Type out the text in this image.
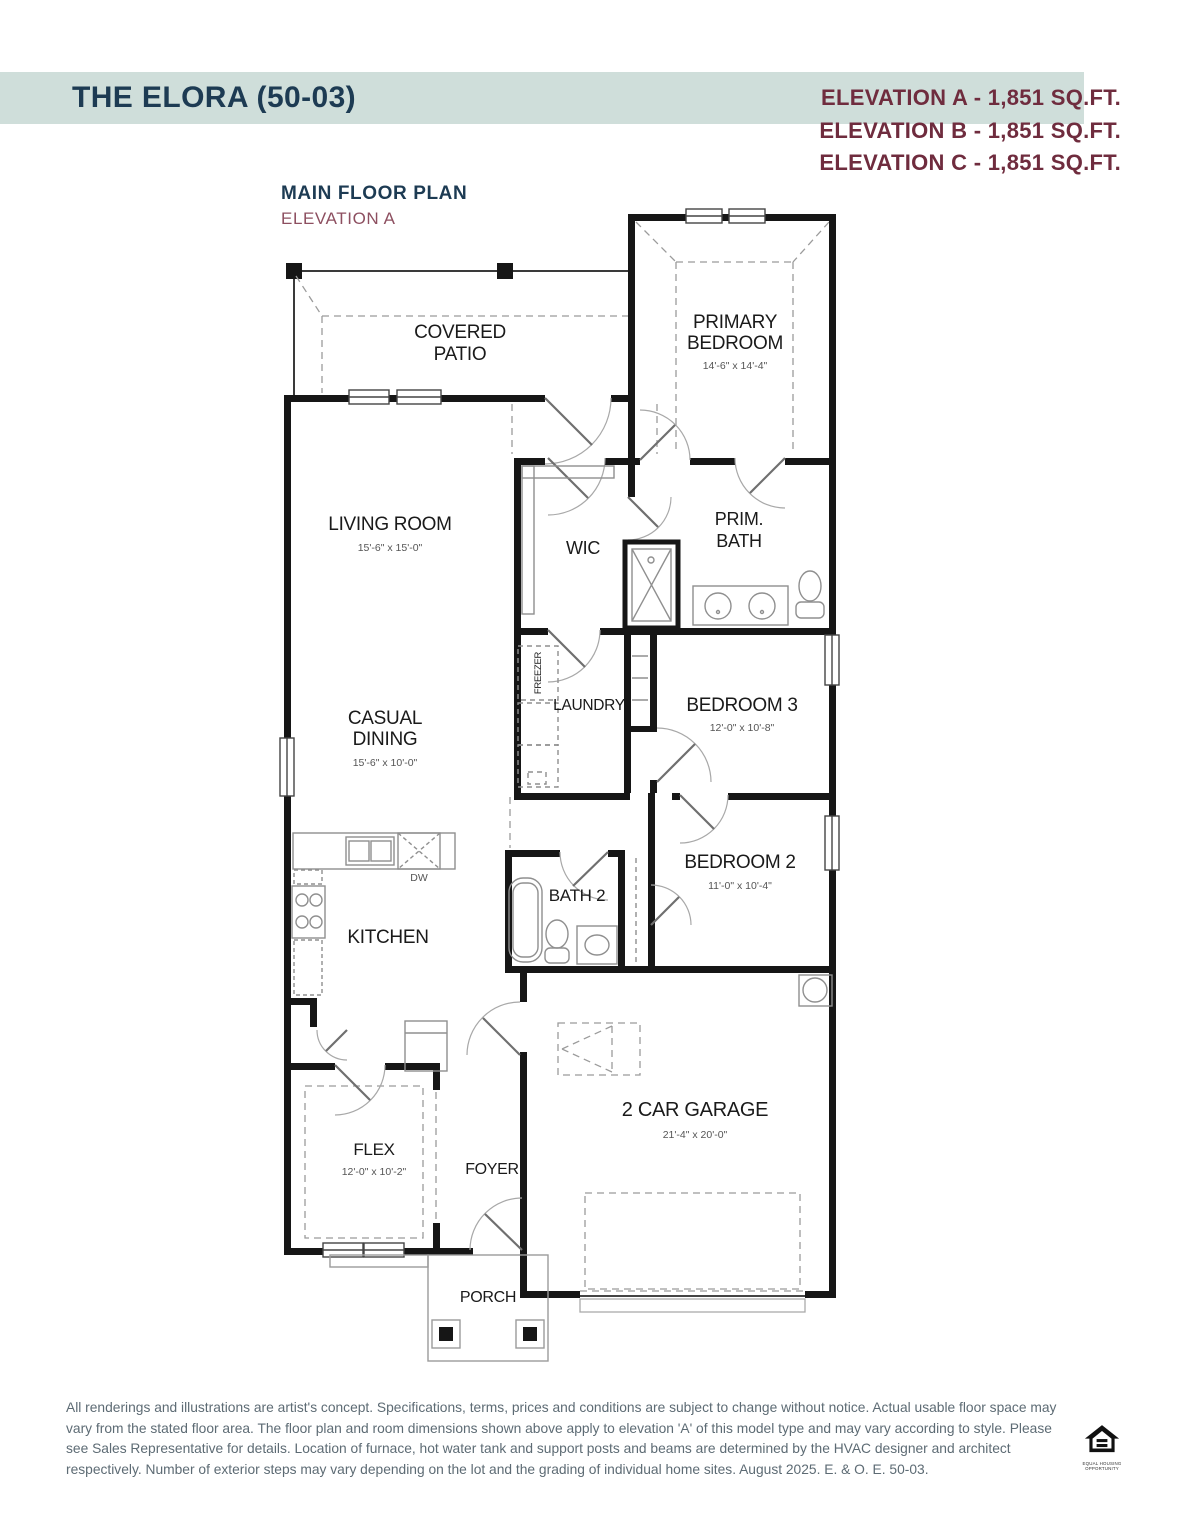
THE ELORA (50-03)	ELEVATION A - 1,851 SQ.FT.
ELEVATION B - 1,851 SQ.FT.
ELEVATION C - 1,851 SQ.FT.
MAIN FLOOR PLAN
ELEVATION A
COVERED
PATIO
PRIMARY
BEDROOM
14'-6" x 14'-4"
LIVING ROOM
15'-6" x 15'-0"	WIC
PRIM.
BATH
LAUNDRY
FREEZER
BEDROOM 3
12'-0" x 10'-8"
CASUAL
DINING
15'-6" x 10'-0"
KITCHEN
DW
BATH 2
BEDROOM 2
11'-0" x 10'-4"
FLEX
12'-0" x 10'-2"	FOYER
2 CAR GARAGE
21'-4" x 20'-0"
PORCH
All renderings and illustrations are artist's concept. Specifications, terms, prices and conditions are subject to change without notice. Actual usable floor space may vary from the stated floor area. The floor plan and room dimensions shown above apply to elevation 'A' of this model type and may vary according to style. Please see Sales Representative for details. Location of furnace, hot water tank and support posts and beams are determined by the HVAC designer and architect respectively. Number of exterior steps may vary depending on the lot and the grading of individual home sites. August 2025. E. & O. E. 50-03.	EQUAL HOUSING OPPORTUNITY
